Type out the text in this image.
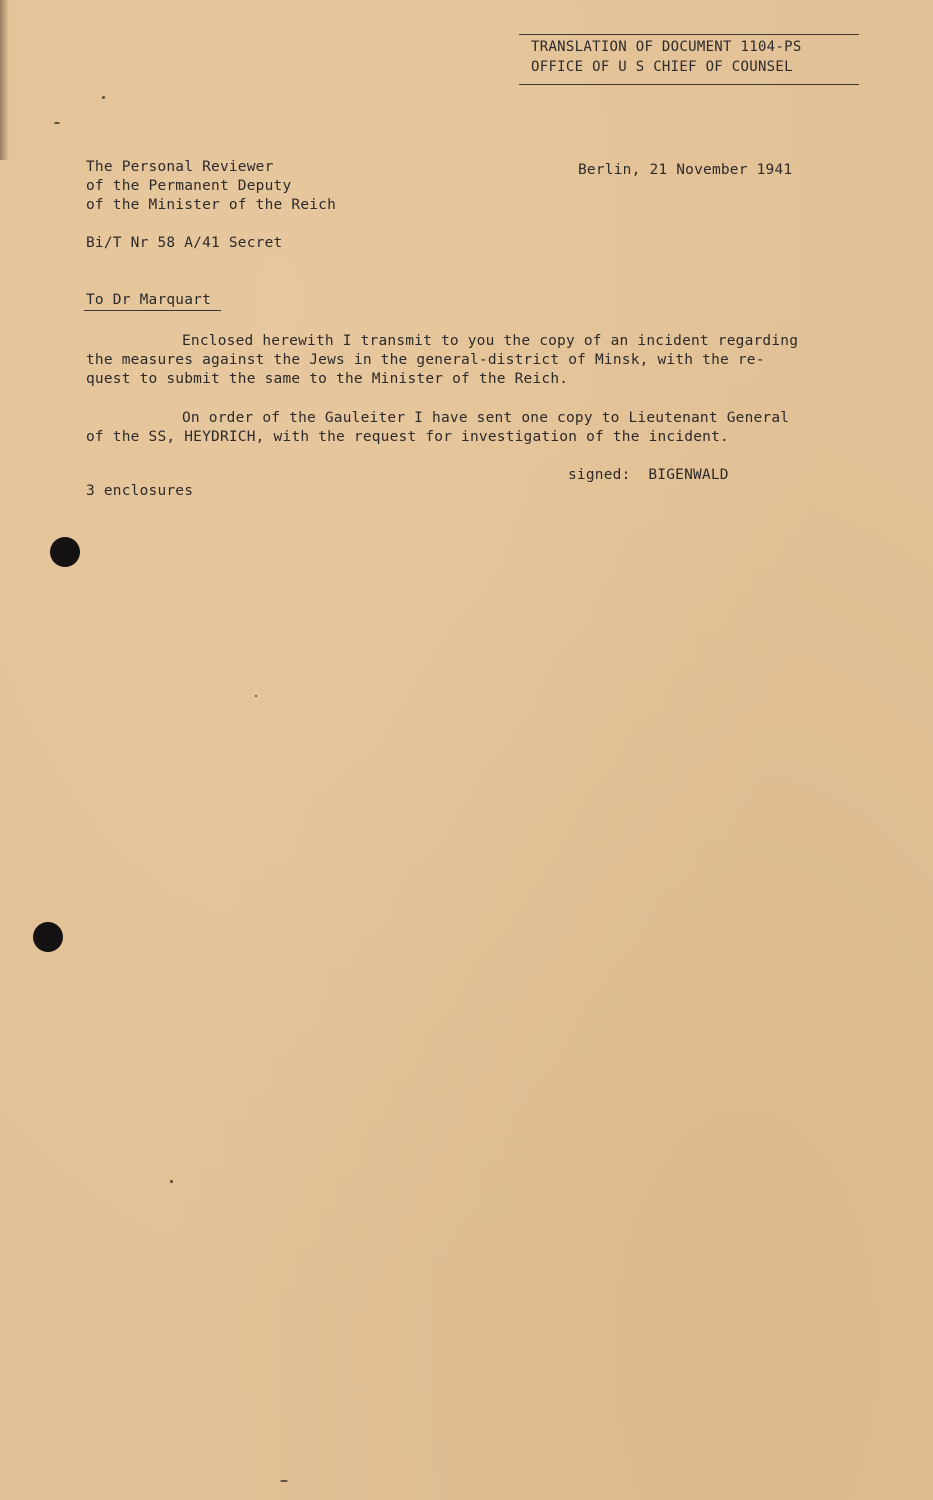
TRANSLATION OF DOCUMENT 1104-PS
OFFICE OF U S CHIEF OF COUNSEL
The Personal Reviewer
of the Permanent Deputy
of the Minister of the Reich
Berlin, 21 November 1941
Bi/T Nr 58 A/41 Secret
To Dr Marquart
Enclosed herewith I transmit to you the copy of an incident regarding
the measures against the Jews in the general-district of Minsk, with the re-
quest to submit the same to the Minister of the Reich.
On order of the Gauleiter I have sent one copy to Lieutenant General
of the SS, HEYDRICH, with the request for investigation of the incident.
signed:  BIGENWALD
3 enclosures
